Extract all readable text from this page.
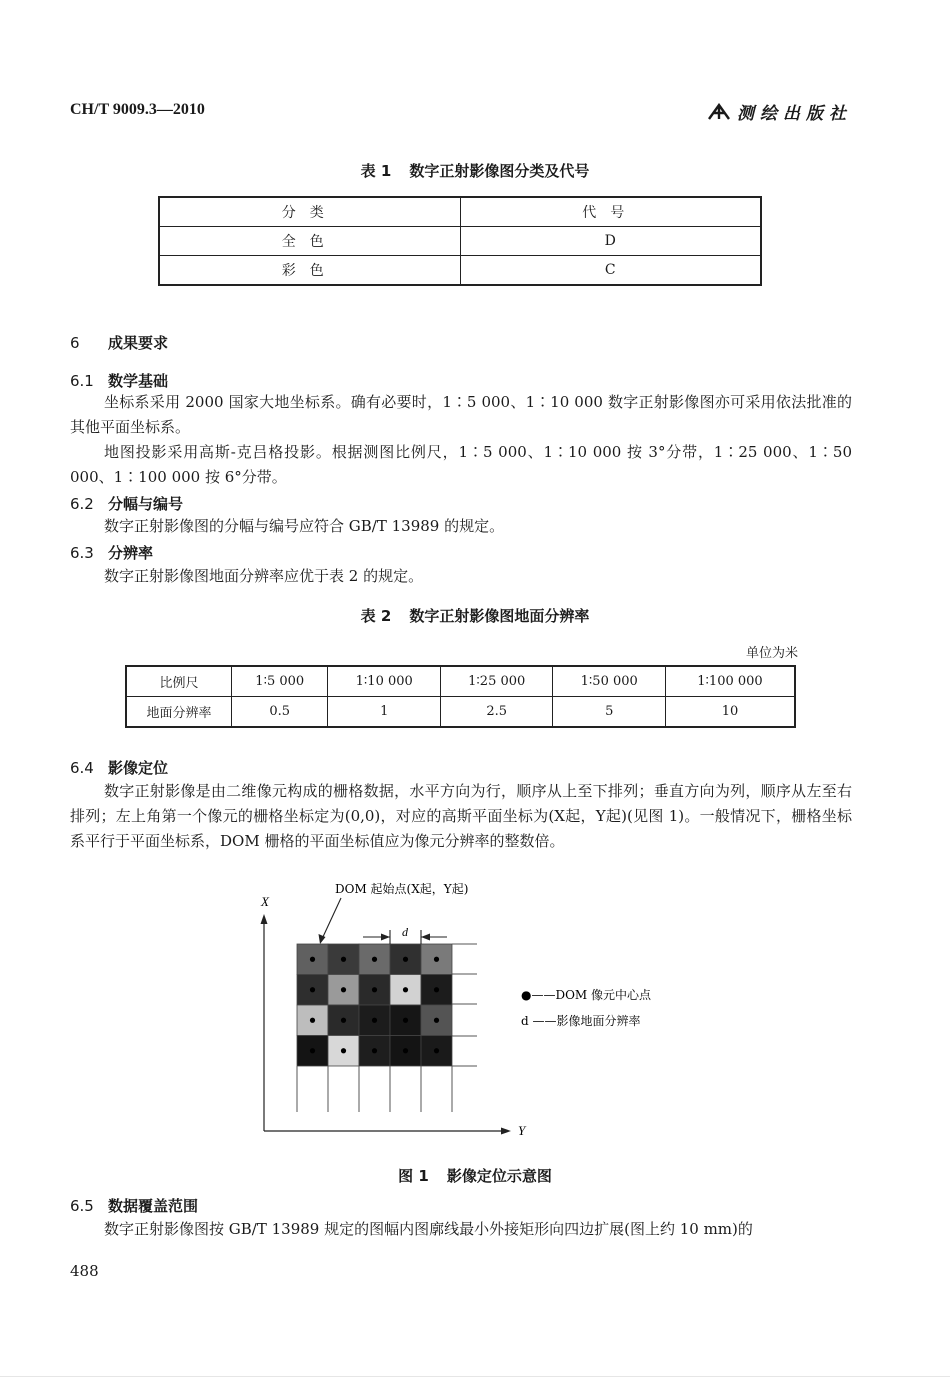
CH/T 9009.3—2010	测绘出版社
表 1 数字正射影像图分类及代号
分类	代号
全色	D
彩色	C
6 成果要求
6.1 数学基础
坐标系采用 2000 国家大地坐标系。确有必要时，1∶5 000、1∶10 000 数字正射影像图亦可采用依法批准的其他平面坐标系。
地图投影采用高斯-克吕格投影。根据测图比例尺，1∶5 000、1∶10 000 按 3°分带，1∶25 000、1∶50 000、1∶100 000 按 6°分带。
6.2 分幅与编号
数字正射影像图的分幅与编号应符合 GB/T 13989 的规定。
6.3 分辨率
数字正射影像图地面分辨率应优于表 2 的规定。
表 2 数字正射影像图地面分辨率
单位为米
比例尺	1∶5 000	1∶10 000	1∶25 000	1∶50 000	1∶100 000
地面分辨率	0.5	1	2.5	5	10
6.4 影像定位
数字正射影像是由二维像元构成的栅格数据，水平方向为行，顺序从上至下排列；垂直方向为列，顺序从左至右排列；左上角第一个像元的栅格坐标定为(0,0)，对应的高斯平面坐标为(X起，Y起)(见图 1)。一般情况下，栅格坐标系平行于平面坐标系，DOM 栅格的平面坐标值应为像元分辨率的整数倍。
X
Y
DOM 起始点(X起，Y起)
d
●——DOM 像元中心点
d ——影像地面分辨率
图 1 影像定位示意图
6.5 数据覆盖范围
数字正射影像图按 GB/T 13989 规定的图幅内图廓线最小外接矩形向四边扩展(图上约 10 mm)的
488
